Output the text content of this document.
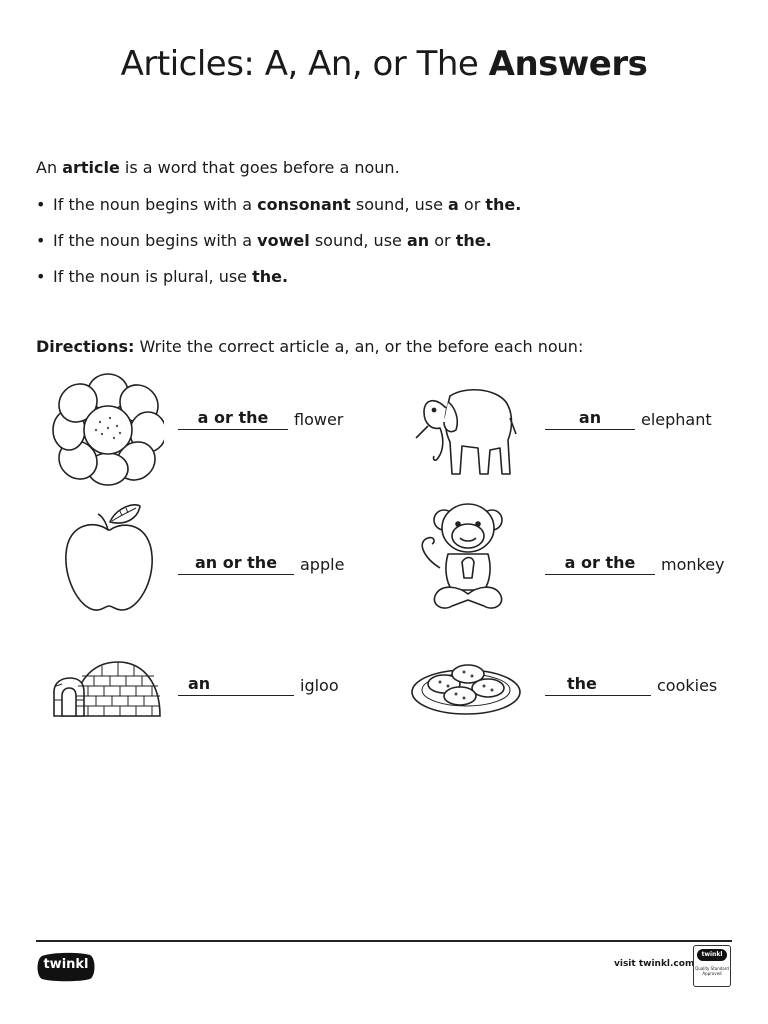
Articles: A, An, or The Answers

An article is a word that goes before a noun.

• If the noun begins with a consonant sound, use a or the.
• If the noun begins with a vowel sound, use an or the.
• If the noun is plural, use the.

Directions: Write the correct article a, an, or the before each noun:

a or the	flower	an	elephant
an or the	apple	a or the	monkey
an	igloo	the	cookies
twinkl	visit twinkl.com
twinkl
Quality Standard Approved
